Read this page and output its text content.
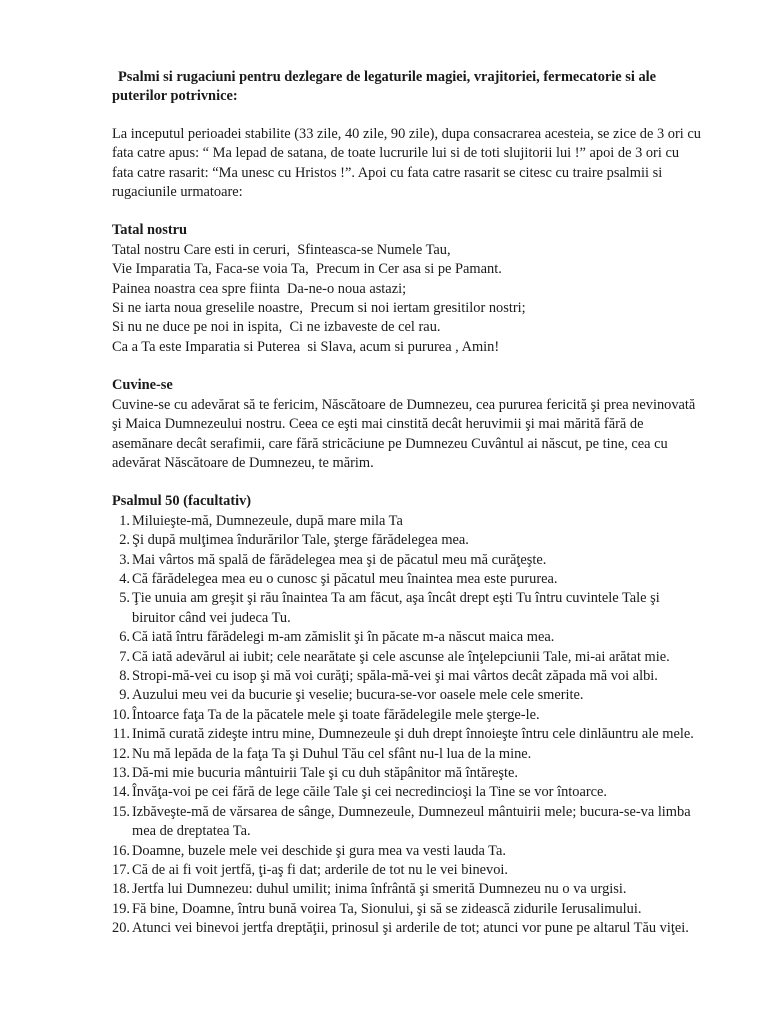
Psalmi si rugaciuni pentru dezlegare de legaturile magiei, vrajitoriei, fermecatorie si ale puterilor potrivnice:

La inceputul perioadei stabilite (33 zile, 40 zile, 90 zile), dupa consacrarea acesteia, se zice de 3 ori cu fata catre apus: “ Ma lepad de satana, de toate lucrurile lui si de toti slujitorii lui !” apoi de 3 ori cu fata catre rasarit: “Ma unesc cu Hristos !”. Apoi cu fata catre rasarit se citesc cu traire psalmii si rugaciunile urmatoare:

Tatal nostru

Tatal nostru Care esti in ceruri,  Sfinteasca-se Numele Tau,
Vie Imparatia Ta, Faca-se voia Ta,  Precum in Cer asa si pe Pamant.
Painea noastra cea spre fiinta  Da-ne-o noua astazi;
Si ne iarta noua greselile noastre,  Precum si noi iertam gresitilor nostri;
Si nu ne duce pe noi in ispita,  Ci ne izbaveste de cel rau.
Ca a Ta este Imparatia si Puterea  si Slava, acum si pururea , Amin!

Cuvine-se

Cuvine-se cu adevărat să te fericim, Născătoare de Dumnezeu, cea pururea fericită şi prea nevinovată şi Maica Dumnezeului nostru. Ceea ce eşti mai cinstită decât heruvimii şi mai mărită fără de asemănare decât serafimii, care fără stricăciune pe Dumnezeu Cuvântul ai născut, pe tine, cea cu adevărat Născătoare de Dumnezeu, te mărim.

Psalmul 50 (facultativ)

1. Miluieşte-mă, Dumnezeule, după mare mila Ta
2. Şi după mulţimea îndurărilor Tale, şterge fărădelegea mea.
3. Mai vârtos mă spală de fărădelegea mea şi de păcatul meu mă curăţeşte.
4. Că fărădelegea mea eu o cunosc şi păcatul meu înaintea mea este pururea.
5. Ţie unuia am greşit şi rău înaintea Ta am făcut, aşa încât drept eşti Tu întru cuvintele Tale şi biruitor când vei judeca Tu.
6. Că iată întru fărădelegi m-am zămislit şi în păcate m-a născut maica mea.
7. Că iată adevărul ai iubit; cele nearătate şi cele ascunse ale înţelepciunii Tale, mi-ai arătat mie.
8. Stropi-mă-vei cu isop şi mă voi curăţi; spăla-mă-vei şi mai vârtos decât zăpada mă voi albi.
9. Auzului meu vei da bucurie şi veselie; bucura-se-vor oasele mele cele smerite.
10. Întoarce faţa Ta de la păcatele mele şi toate fărădelegile mele şterge-le.
11. Inimă curată zideşte intru mine, Dumnezeule şi duh drept înnoieşte întru cele dinlăuntru ale mele.
12. Nu mă lepăda de la faţa Ta şi Duhul Tău cel sfânt nu-l lua de la mine.
13. Dă-mi mie bucuria mântuirii Tale şi cu duh stăpânitor mă întăreşte.
14. Învăţa-voi pe cei fără de lege căile Tale şi cei necredincioşi la Tine se vor întoarce.
15. Izbăveşte-mă de vărsarea de sânge, Dumnezeule, Dumnezeul mântuirii mele; bucura-se-va limba mea de dreptatea Ta.
16. Doamne, buzele mele vei deschide şi gura mea va vesti lauda Ta.
17. Că de ai fi voit jertfă, ţi-aş fi dat; arderile de tot nu le vei binevoi.
18. Jertfa lui Dumnezeu: duhul umilit; inima înfrântă şi smerită Dumnezeu nu o va urgisi.
19. Fă bine, Doamne, întru bună voirea Ta, Sionului, şi să se zidească zidurile Ierusalimului.
20. Atunci vei binevoi jertfa dreptăţii, prinosul şi arderile de tot; atunci vor pune pe altarul Tău viţei.
